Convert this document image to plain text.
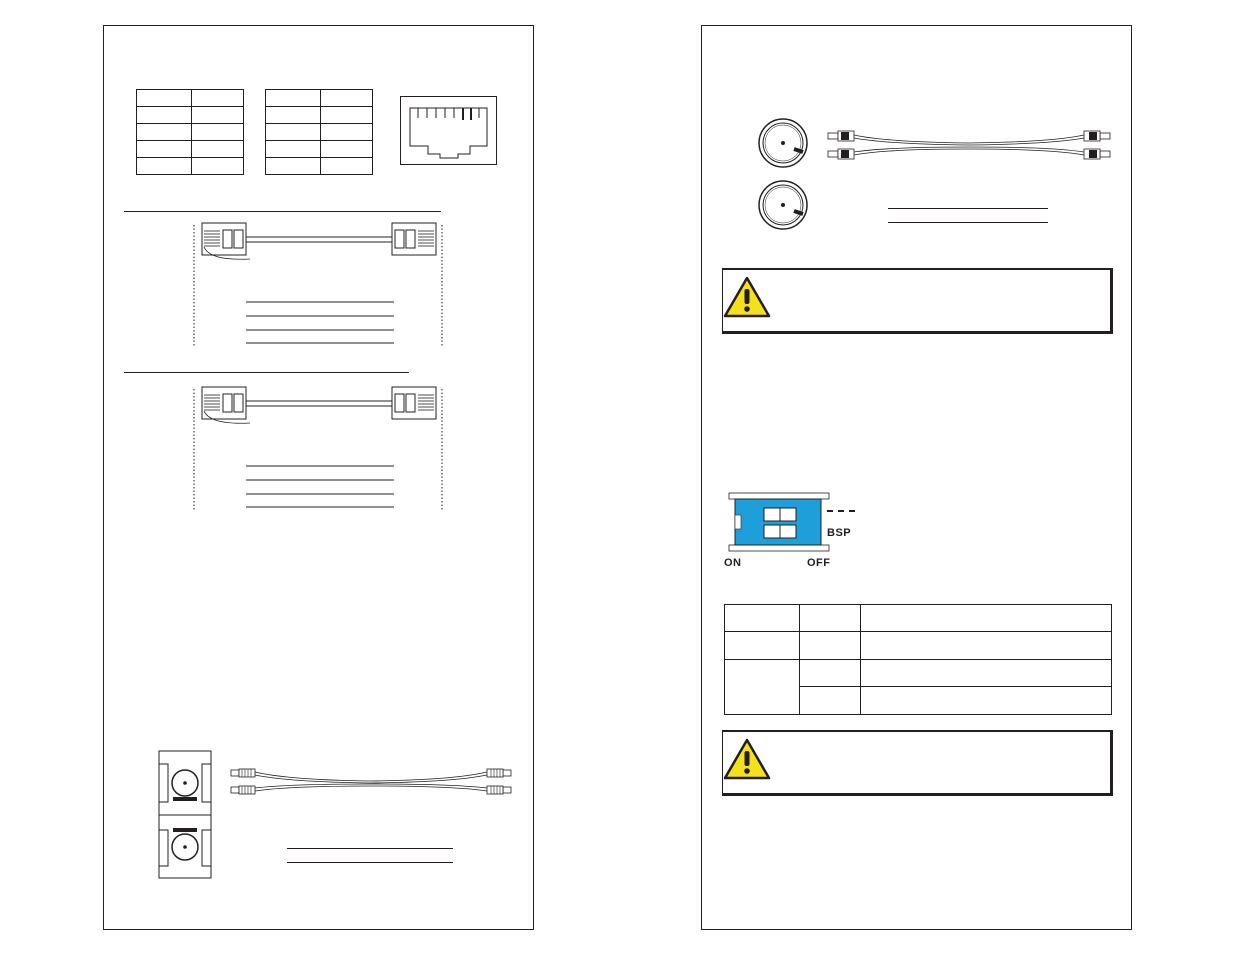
BSP
ON	OFF
